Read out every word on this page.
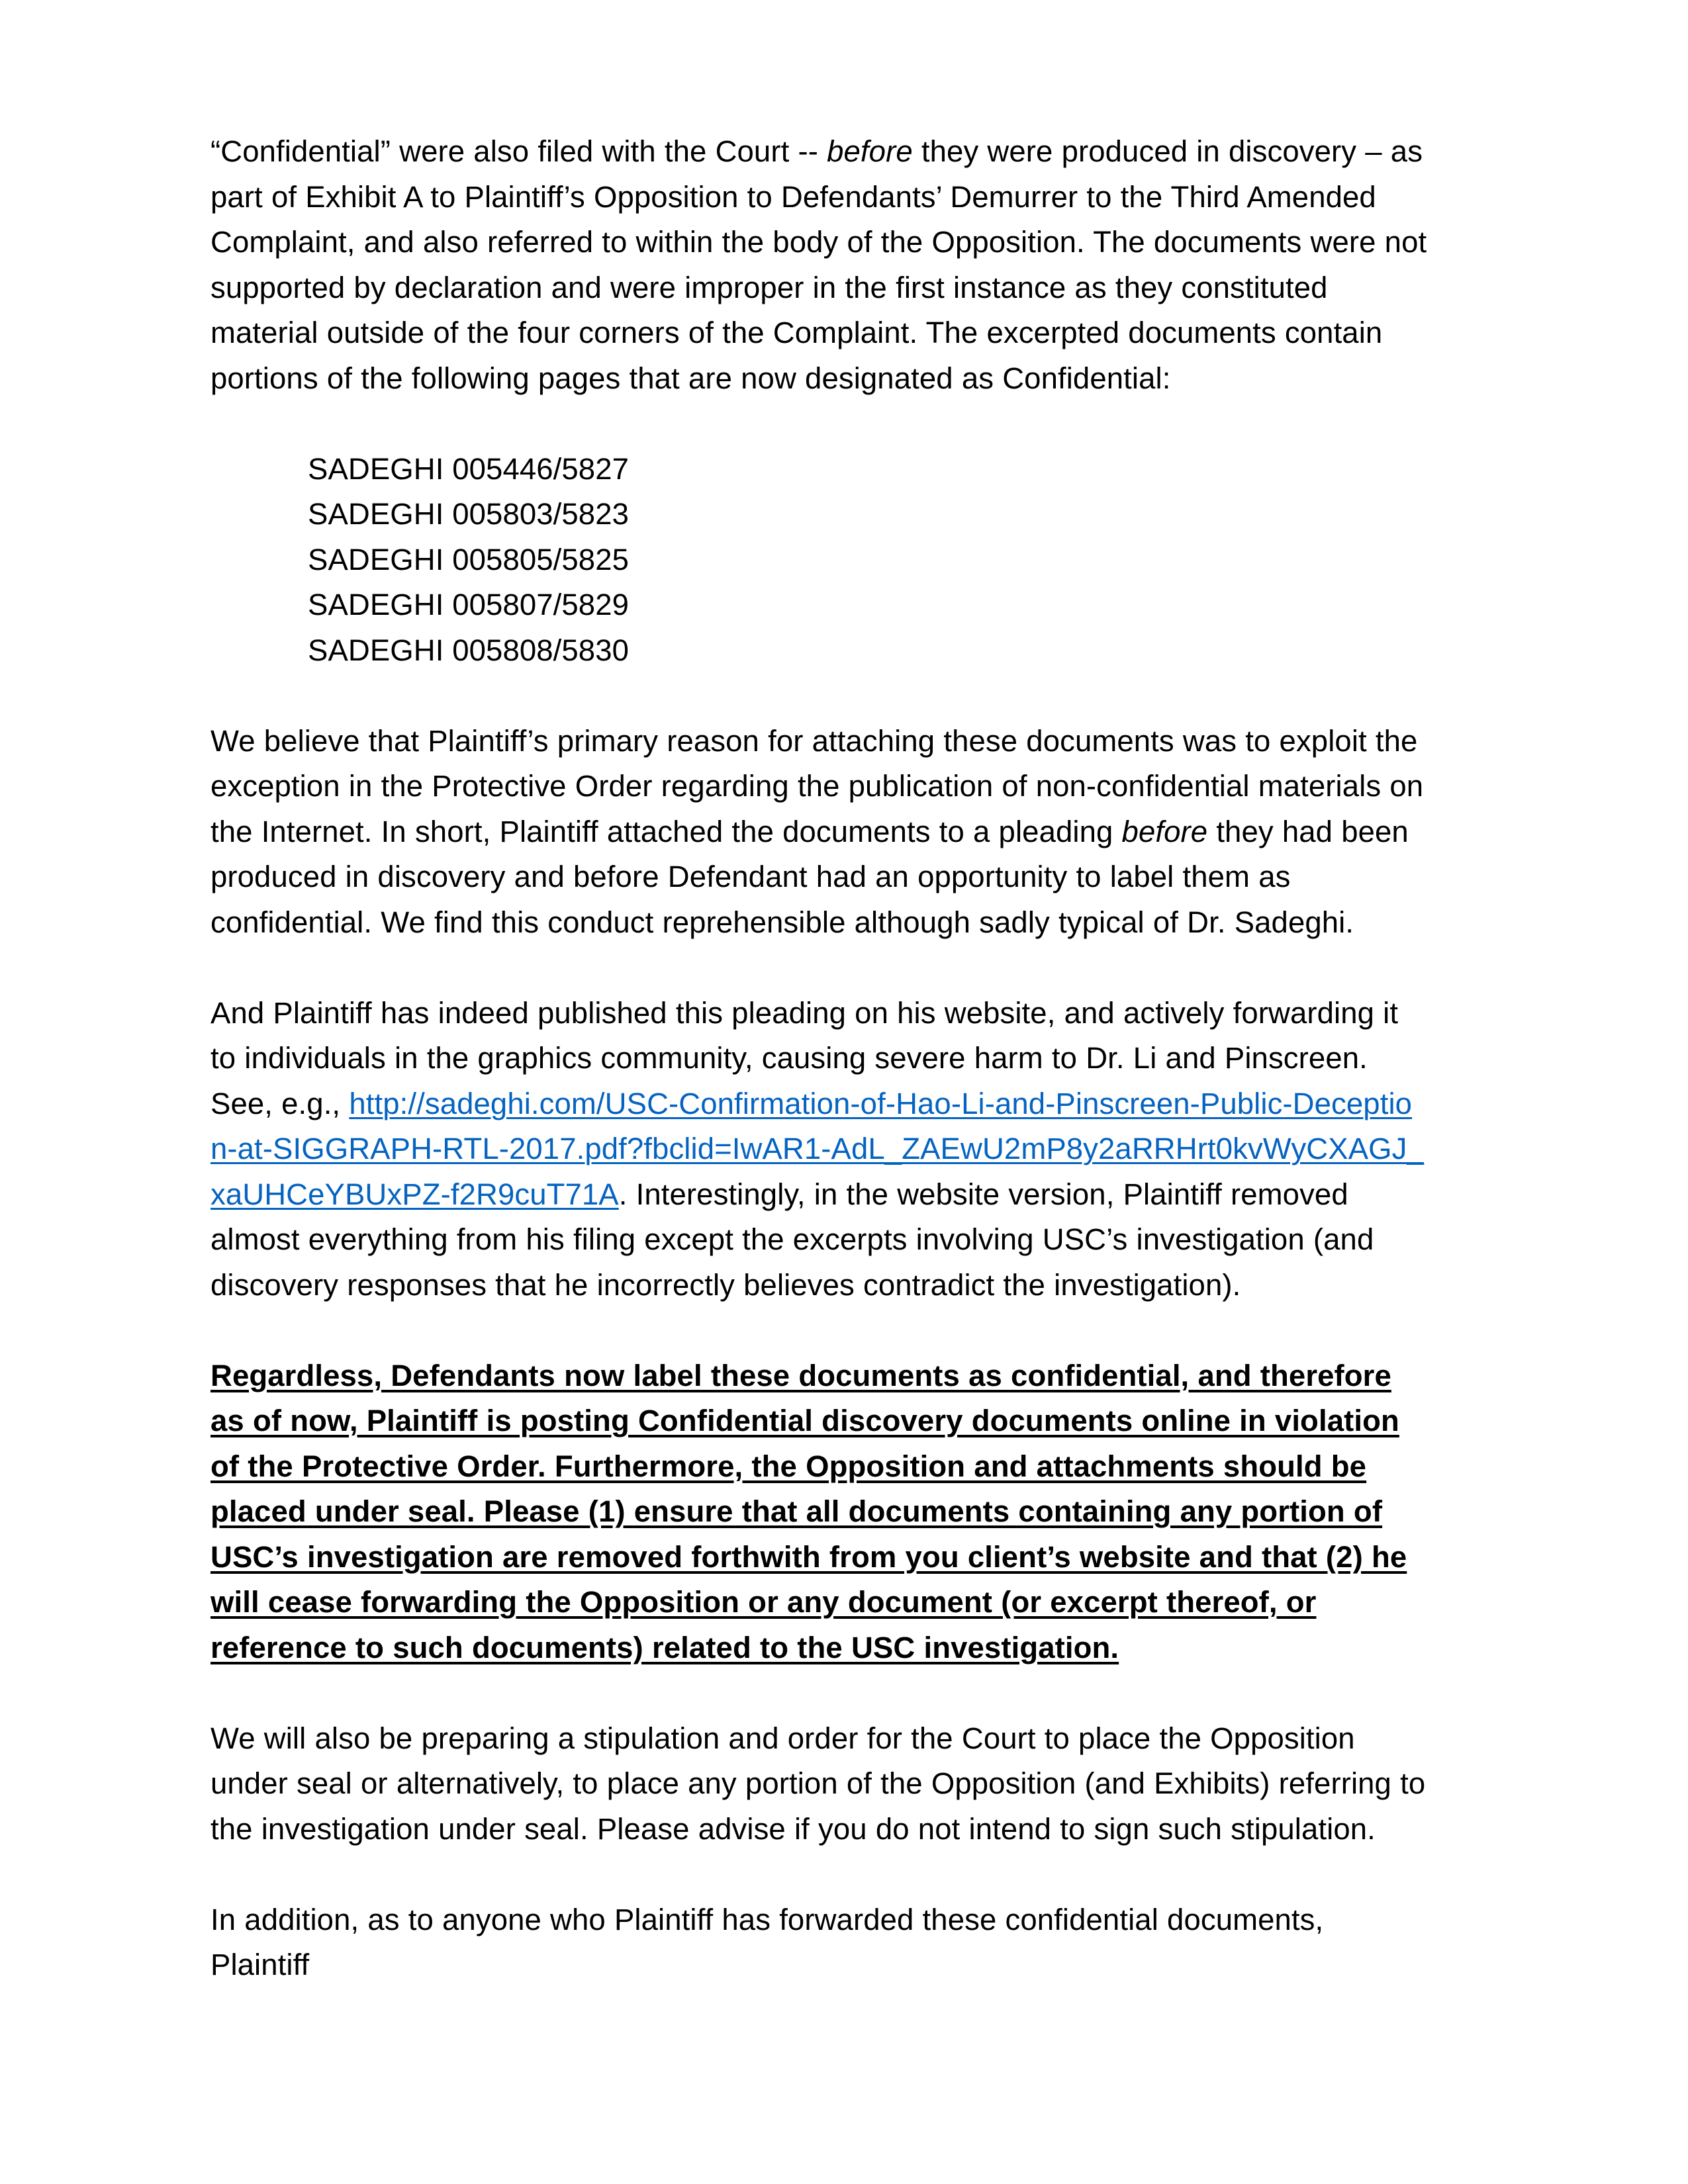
“Confidential” were also filed with the Court -- before they were produced in discovery – as part of Exhibit A to Plaintiff’s Opposition to Defendants’ Demurrer to the Third Amended Complaint, and also referred to within the body of the Opposition. The documents were not supported by declaration and were improper in the first instance as they constituted material outside of the four corners of the Complaint. The excerpted documents contain portions of the following pages that are now designated as Confidential:

SADEGHI 005446/5827

SADEGHI 005803/5823

SADEGHI 005805/5825

SADEGHI 005807/5829

SADEGHI 005808/5830

We believe that Plaintiff’s primary reason for attaching these documents was to exploit the exception in the Protective Order regarding the publication of non-confidential materials on the Internet. In short, Plaintiff attached the documents to a pleading before they had been produced in discovery and before Defendant had an opportunity to label them as confidential. We find this conduct reprehensible although sadly typical of Dr. Sadeghi.

And Plaintiff has indeed published this pleading on his website, and actively forwarding it to individuals in the graphics community, causing severe harm to Dr. Li and Pinscreen. See, e.g., http://sadeghi.com/USC-Confirmation-of-Hao-Li-and-Pinscreen-Public-Deception-at-SIGGRAPH-RTL-2017.pdf?fbclid=IwAR1-AdL_ZAEwU2mP8y2aRRHrt0kvWyCXAGJ_xaUHCeYBUxPZ-f2R9cuT71A. Interestingly, in the website version, Plaintiff removed almost everything from his filing except the excerpts involving USC’s investigation (and discovery responses that he incorrectly believes contradict the investigation).

Regardless, Defendants now label these documents as confidential, and therefore as of now, Plaintiff is posting Confidential discovery documents online in violation of the Protective Order. Furthermore, the Opposition and attachments should be placed under seal. Please (1) ensure that all documents containing any portion of USC’s investigation are removed forthwith from you client’s website and that (2) he will cease forwarding the Opposition or any document (or excerpt thereof, or reference to such documents) related to the USC investigation.

We will also be preparing a stipulation and order for the Court to place the Opposition under seal or alternatively, to place any portion of the Opposition (and Exhibits) referring to the investigation under seal. Please advise if you do not intend to sign such stipulation.

In addition, as to anyone who Plaintiff has forwarded these confidential documents, Plaintiff
